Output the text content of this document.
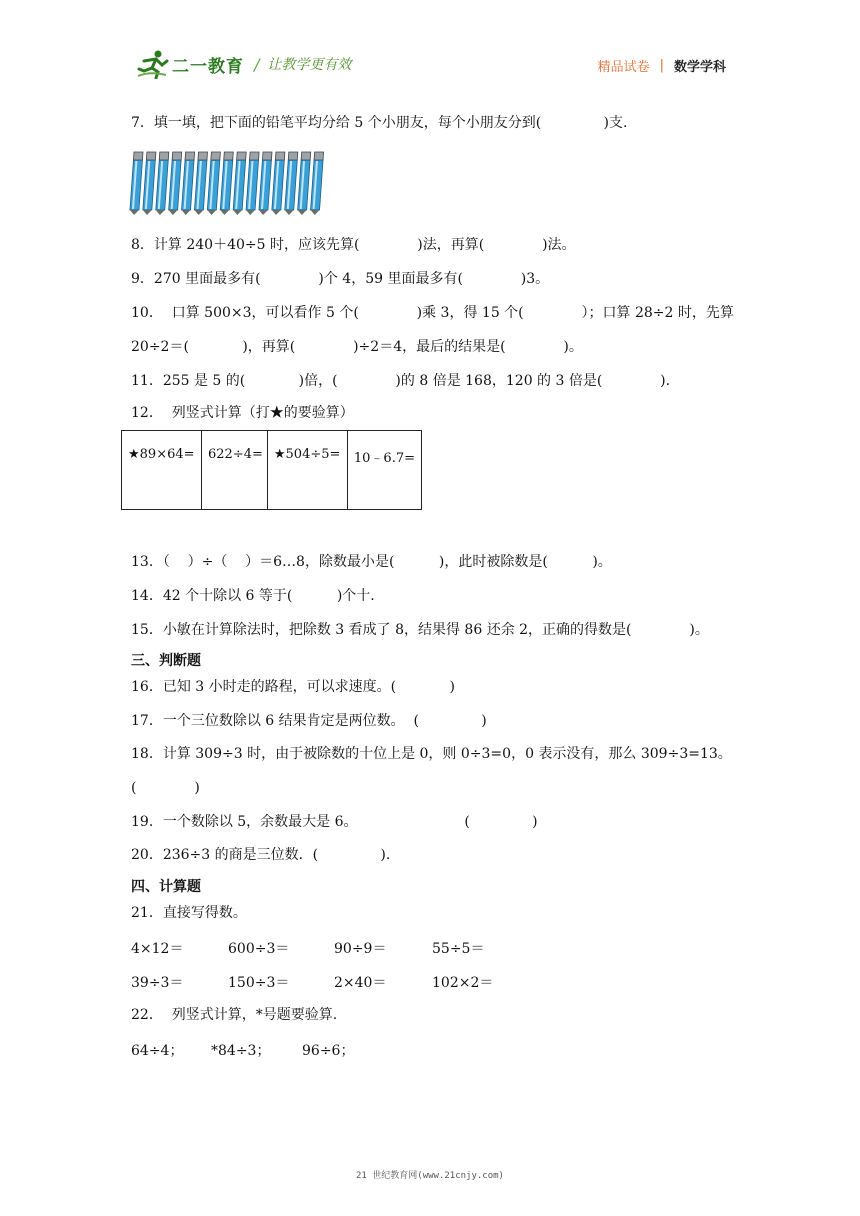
二一教育 / 让教学更有效	精品试卷 | 数学学科
7．填一填，把下面的铅笔平均分给 5 个小朋友，每个小朋友分到(              )支.
8．计算 240＋40÷5 时，应该先算(             )法，再算(             )法。
9．270 里面最多有(             )个 4，59 里面最多有(             )3。
10．  口算 500×3，可以看作 5 个(             )乘 3，得 15 个(             ）；口算 28÷2 时，先算
20÷2＝(            )，再算(             )÷2＝4，最后的结果是(             )。
11．255 是 5 的(            )倍，(             )的 8 倍是 168，120 的 3 倍是(             ).
12．  列竖式计算（打★的要验算）
★89×64=	622÷4=	★504÷5=	10﹣6.7=
13．（    ）÷（    ）＝6…8，除数最小是(          )，此时被除数是(          )。
14．42 个十除以 6 等于(          )个十.
15．小敏在计算除法时，把除数 3 看成了 8，结果得 86 还余 2，正确的得数是(             )。
三、判断题
16．已知 3 小时走的路程，可以求速度。(            )
17．一个三位数除以 6 结果肯定是两位数。  (              )
18．计算 309÷3 时，由于被除数的十位上是 0，则 0÷3=0，0 表示没有，那么 309÷3=13。
(             )
19．一个数除以 5，余数最大是 6。                        (              )
20．236÷3 的商是三位数．(              ).
四、计算题
21．直接写得数。
4×12＝	600÷3＝	90÷9＝	55÷5＝
39÷3＝	150÷3＝	2×40＝	102×2＝
22．  列竖式计算，*号题要验算.
64÷4； *84÷3； 96÷6；
21 世纪教育网(www.21cnjy.com)
